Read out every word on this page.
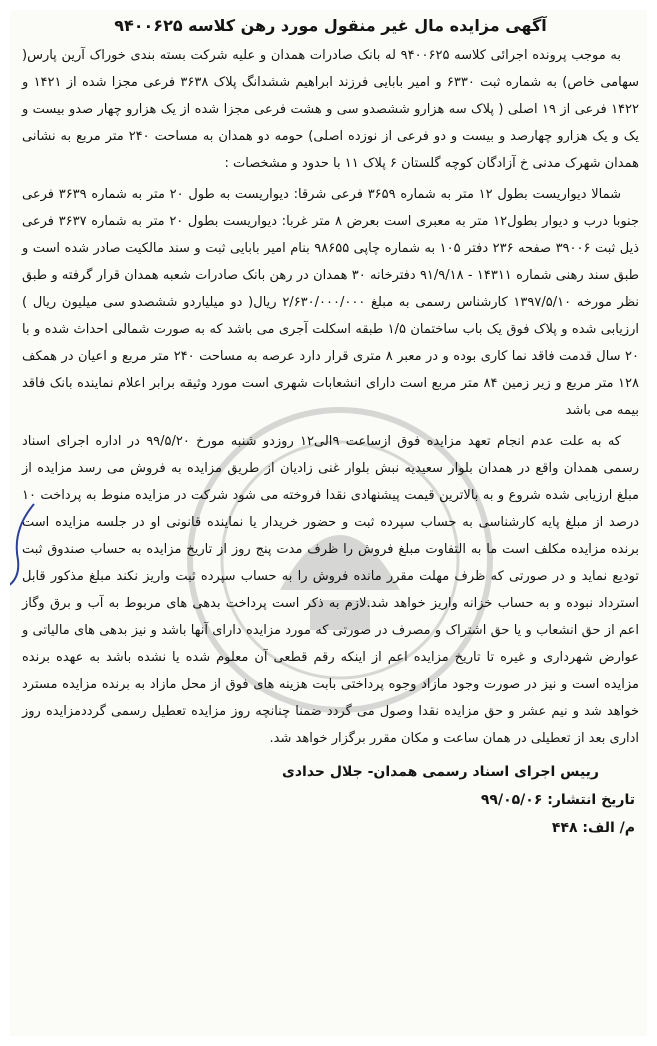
آگهی مزایده مال غیر منقول مورد رهن کلاسه ۹۴۰۰۶۲۵

به موجب پرونده اجرائی کلاسه ۹۴۰۰۶۲۵ له بانک صادرات همدان و علیه شرکت بسته بندی خوراک آرین پارس( سهامی خاص) به شماره ثبت ۶۳۳۰ و امیر بابایی فرزند ابراهیم ششدانگ پلاک ۳۶۳۸ فرعی مجزا شده از ۱۴۲۱ و ۱۴۲۲ فرعی از ۱۹ اصلی ( پلاک سه هزارو ششصدو سی و هشت فرعی مجزا شده از یک هزارو چهار صدو بیست و یک و یک هزارو چهارصد و بیست و دو فرعی از نوزده اصلی) حومه دو همدان به مساحت ۲۴۰ متر مربع به نشانی همدان شهرک مدنی خ آزادگان کوچه گلستان ۶ پلاک ۱۱ با حدود و مشخصات :

شمالا دیواریست بطول ۱۲ متر به شماره ۳۶۵۹ فرعی شرقا: دیواریست به طول ۲۰ متر به شماره ۳۶۳۹ فرعی جنوبا درب و دیوار بطول۱۲ متر به معبری است بعرض ۸ متر غربا: دیواریست بطول ۲۰ متر به شماره ۳۶۳۷ فرعی ذیل ثبت ۳۹۰۰۶ صفحه ۲۳۶ دفتر ۱۰۵ به شماره چاپی ۹۸۶۵۵ بنام امیر بابایی ثبت و سند مالکیت صادر شده است و طبق سند رهنی شماره ۱۴۳۱۱ - ۹۱/۹/۱۸ دفترخانه ۳۰ همدان در رهن بانک صادرات شعبه همدان قرار گرفته و طبق نظر مورخه ۱۳۹۷/۵/۱۰ کارشناس رسمی به مبلغ ۲/۶۳۰/۰۰۰/۰۰۰ ریال( دو میلیاردو ششصدو سی میلیون ریال ) ارزیابی شده و پلاک فوق یک باب ساختمان ۱/۵ طبقه اسکلت آجری می باشد که به صورت شمالی احداث شده و با ۲۰ سال قدمت فاقد نما کاری بوده و در معبر ۸ متری قرار دارد عرصه به مساحت ۲۴۰ متر مربع و اعیان در همکف ۱۲۸ متر مربع و زیر زمین ۸۴ متر مربع است دارای انشعابات شهری است مورد وثیقه برابر اعلام نماینده بانک فاقد بیمه می باشد

که به علت عدم انجام تعهد مزایده فوق ازساعت ۹الی۱۲ روزدو شنبه مورخ ۹۹/۵/۲۰ در اداره اجرای اسناد رسمی همدان واقع در همدان بلوار سعیدیه نبش بلوار غنی زادیان از طریق مزایده به فروش می رسد مزایده از مبلغ ارزیابی شده شروع و به بالاترین قیمت پیشنهادی نقدا فروخته می شود شرکت در مزایده منوط به پرداخت ۱۰ درصد از مبلغ پایه کارشناسی به حساب سپرده ثبت و حضور خریدار یا نماینده قانونی او در جلسه مزایده است برنده مزایده مکلف است ما به التفاوت مبلغ فروش را ظرف مدت پنج روز از تاریخ مزایده به حساب صندوق ثبت تودیع نماید و در صورتی که ظرف مهلت مقرر مانده فروش را به حساب سپرده ثبت واریز نکند مبلغ مذکور قابل استرداد نبوده و به حساب خزانه واریز خواهد شد.لازم به ذکر است پرداخت بدهی های مربوط به آب و برق وگاز اعم از حق انشعاب و یا حق اشتراک و مصرف در صورتی که مورد مزایده دارای آنها باشد و نیز بدهی های مالیاتی و عوارض شهرداری و غیره تا تاریخ مزایده اعم از اینکه رقم قطعی آن معلوم شده یا نشده باشد به عهده برنده مزایده است و نیز در صورت وجود مازاد وجوه پرداختی بابت هزینه های فوق از محل مازاد به برنده مزایده مسترد خواهد شد و نیم عشر و حق مزایده نقدا وصول می گردد ضمنا چنانچه روز مزایده تعطیل رسمی گرددمزایده روز اداری بعد از تعطیلی در همان ساعت و مکان مقرر برگزار خواهد شد.

رییس اجرای اسناد رسمی همدان- جلال حدادی
تاریخ انتشار: ۹۹/۰۵/۰۶
م/ الف: ۴۴۸
